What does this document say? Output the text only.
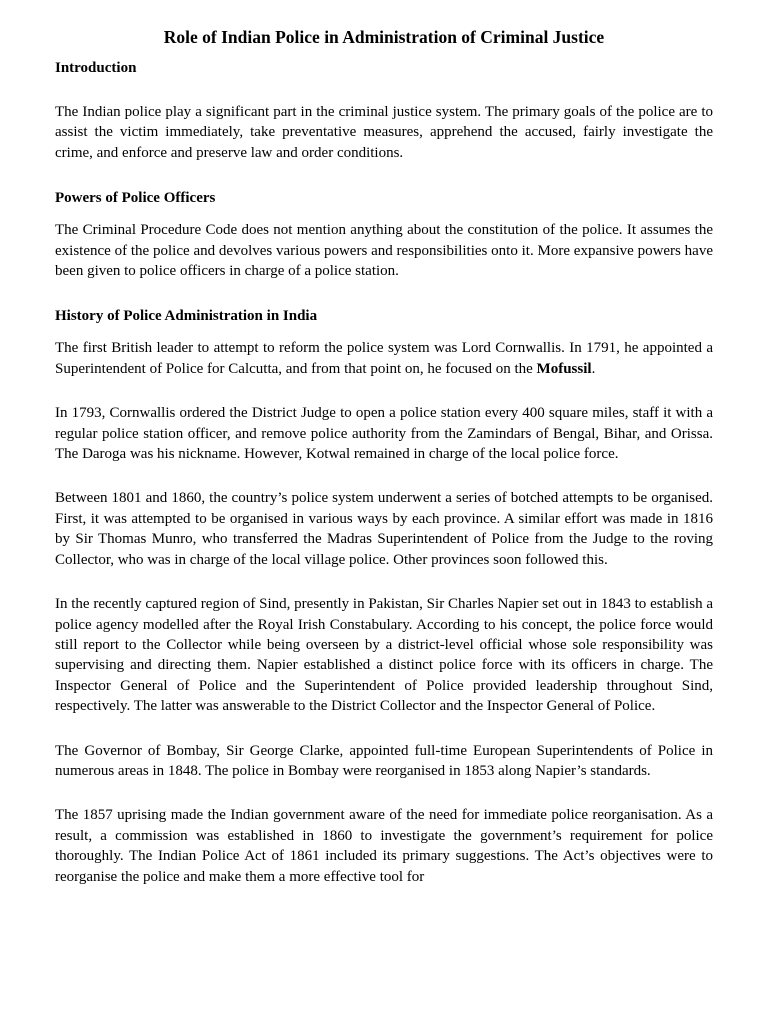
Role of Indian Police in Administration of Criminal Justice
Introduction

The Indian police play a significant part in the criminal justice system. The primary goals of the police are to assist the victim immediately, take preventative measures, apprehend the accused, fairly investigate the crime, and enforce and preserve law and order conditions.

Powers of Police Officers

The Criminal Procedure Code does not mention anything about the constitution of the police. It assumes the existence of the police and devolves various powers and responsibilities onto it. More expansive powers have been given to police officers in charge of a police station.

History of Police Administration in India

The first British leader to attempt to reform the police system was Lord Cornwallis. In 1791, he appointed a Superintendent of Police for Calcutta, and from that point on, he focused on the Mofussil.

In 1793, Cornwallis ordered the District Judge to open a police station every 400 square miles, staff it with a regular police station officer, and remove police authority from the Zamindars of Bengal, Bihar, and Orissa. The Daroga was his nickname. However, Kotwal remained in charge of the local police force.

Between 1801 and 1860, the country’s police system underwent a series of botched attempts to be organised. First, it was attempted to be organised in various ways by each province. A similar effort was made in 1816 by Sir Thomas Munro, who transferred the Madras Superintendent of Police from the Judge to the roving Collector, who was in charge of the local village police. Other provinces soon followed this.

In the recently captured region of Sind, presently in Pakistan, Sir Charles Napier set out in 1843 to establish a police agency modelled after the Royal Irish Constabulary. According to his concept, the police force would still report to the Collector while being overseen by a district-level official whose sole responsibility was supervising and directing them. Napier established a distinct police force with its officers in charge. The Inspector General of Police and the Superintendent of Police provided leadership throughout Sind, respectively. The latter was answerable to the District Collector and the Inspector General of Police.

The Governor of Bombay, Sir George Clarke, appointed full-time European Superintendents of Police in numerous areas in 1848. The police in Bombay were reorganised in 1853 along Napier’s standards.

The 1857 uprising made the Indian government aware of the need for immediate police reorganisation. As a result, a commission was established in 1860 to investigate the government’s requirement for police thoroughly. The Indian Police Act of 1861 included its primary suggestions. The Act’s objectives were to reorganise the police and make them a more effective tool for
